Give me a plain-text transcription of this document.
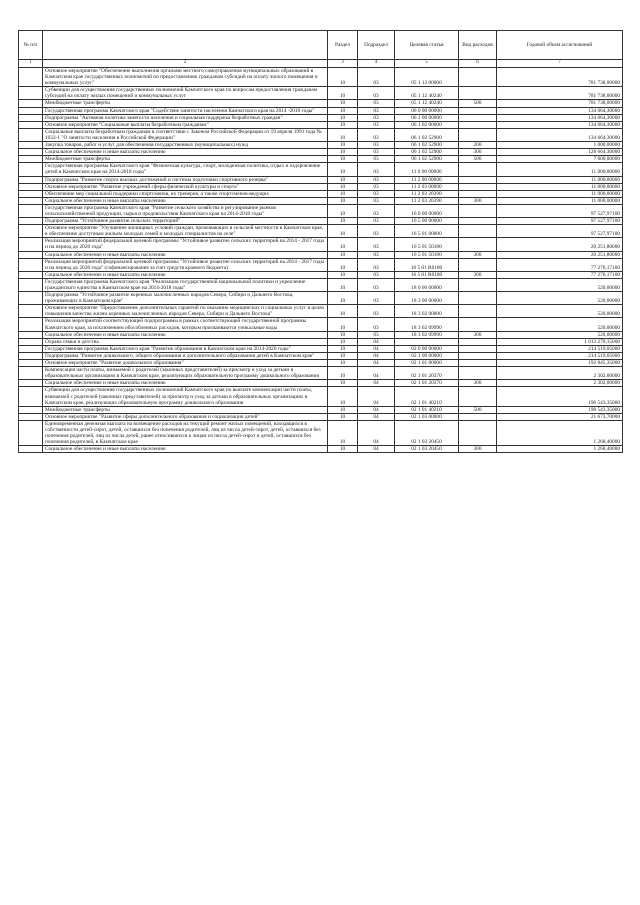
№ п/п		Раздел	Подраздел	Целевая статья	Вид расходов	Годовой объем ассигнований
1	2	3	4	5	6	7
	Основное мероприятие "Обеспечение выполнения органами местного самоуправления муниципальных образований в Камчатском крае государственных полномочий по предоставлению гражданам субсидий на оплату жилого помещения и коммунальных услуг"	10	03	05 1 12 00000		781 738,00000
	Субвенции для осуществления государственных полномочий Камчатского края по вопросам предоставления гражданам субсидий на оплату жилых помещений и коммунальных услуг	10	03	05 1 12 40240		781 738,00000
	Межбюджетные трансферты	10	03	05 1 12 40240	500	781 738,00000
	Государственная программа Камчатского края "Содействие занятости населения Камчатского края на 2014 -2018 годы"	10	03	06 0 00 00000		134 664,30000
	Подпрограмма "Активная политика занятости населения и социальная поддержка безработных граждан"	10	03	06 1 00 00000		134 664,30000
	Основное мероприятие "Социальные выплаты безработным гражданам"	10	03	06 1 02 00000		134 664,30000
	Социальные выплаты безработным гражданам в соответствии с Законом Российской Федерации от 19 апреля 1991 года № 1032-1 "О занятости населения в Российской Федерации"	10	03	06 1 02 52900		134 664,30000
	Закупка товаров, работ и услуг для обеспечения государственных (муниципальных) нужд	10	03	06 1 02 52900	200	1 000,00000
	Социальное обеспечение и иные выплаты населению	10	03	06 1 02 52900	300	126 664,30000
	Межбюджетные трансферты	10	03	06 1 02 52900	500	7 000,00000
	Государственная программа Камчатского края "Физическая культура, спорт, молодежная политика, отдых и оздоровление детей в Камчатском крае на 2014-2018 годы"	10	03	11 0 00 00000		11 000,00000
	Подпрограмма "Развитие спорта высших достижений и системы подготовки спортивного резерва"	10	03	11 2 00 00000		11 000,00000
	Основное мероприятие "Развитие учреждений сферы физической культуры и спорта"	10	03	11 2 03 00000		11 000,00000
	Обеспечение мер социальной поддержки спортсменов, их тренеров, а также спортсменов-ведущих	10	03	11 2 03 20390		11 000,00000
	Социальное обеспечение и иные выплаты населению	10	03	11 2 03 20390	300	11 000,00000
	Государственная программа Камчатского края "Развитие сельского хозяйства и регулирование рынков сельскохозяйственной продукции, сырья и продовольствия Камчатского края на 2014-2018 годы"	10	03	16 0 00 00000		97 527,97100
	Подпрограмма "Устойчивое развитие сельских территорий"	10	03	16 5 00 00000		97 527,97100
	Основное мероприятие "Улучшение жилищных условий граждан, проживающих в сельской местности в Камчатском крае, в обеспечение доступным жильем молодых семей и молодых специалистов на селе"	10	03	16 5 01 00000		97 527,97100
	Реализация мероприятий федеральной целевой программы "Устойчивое развитие сельских территорий на 2014 - 2017 годы и на период до 2020 года"	10	03	16 5 01 50180		20 251,80000
	Социальное обеспечение и иные выплаты населению	10	03	16 5 01 50180	300	20 251,80000
	Реализация мероприятий федеральной целевой программы "Устойчивое развитие сельских территорий на 2014 - 2017 годы и на период до 2020 года" (софинансирование за счет средств краевого бюджета)	10	03	16 5 01 R0180		77 276,17100
	Социальное обеспечение и иные выплаты населению	10	03	16 5 01 R0180	300	77 276,17100
	Государственная программа Камчатского края "Реализация государственной национальной политики и укрепление гражданского единства в Камчатском крае на 2014-2018 годы"	10	03	18 0 00 00000		520,00000
	Подпрограмма "Устойчивое развитие коренных малочисленных народов Севера, Сибири и Дальнего Востока, проживающих в Камчатском крае"	10	03	18 3 00 00000		520,00000
	Основное мероприятие "Предоставление дополнительных гарантий по оказанию медицинских и социальных услуг в целях повышения качества жизни коренных малочисленных народов Севера, Сибири и Дальнего Востока"	10	03	18 3 02 00000		520,00000
	Реализация мероприятий соответствующей подпрограммы в рамках соответствующей государственной программы Камчатского края, за исключением обособленных расходов, которым присваиваются уникальные коды	10	03	18 3 02 09990		520,00000
	Социальное обеспечение и иные выплаты населению	10	03	18 3 02 09990	300	520,00000
	Охрана семьи и детства	10	04			1 013 270,15000
	Государственная программа Камчатского края "Развитие образования в Камчатском крае на 2014-2020 годы"	10	04	02 0 00 00000		214 519,05000
	Подпрограмма "Развитие дошкольного, общего образования и дополнительного образования детей в Камчатском крае"	10	04	02 1 00 00000		214 519,05000
	Основное мероприятие "Развитие дошкольного образования"	10	04	02 1 01 00000		192 845,35000
	Компенсация части платы, взимаемой с родителей (законных представителей) за присмотр и уход за детьми в образовательных организациях в Камчатском крае, реализующих образовательную программу дошкольного образования	10	04	02 1 01 20370		2 302,00000
	Социальное обеспечение и иные выплаты населению	10	04	02 1 01 20370	300	2 302,00000
	Субвенции для осуществления государственных полномочий Камчатского края по выплате компенсации части платы, взимаемой с родителей (законных представителей) за присмотр и уход за детьми в образовательных организациях в Камчатском крае, реализующих образовательную программу дошкольного образования	10	04	02 1 01 40210		190 543,35000
	Межбюджетные трансферты	10	04	02 1 01 40210	500	190 543,35000
	Основное мероприятие "Развитие сферы дополнительного образования и социализации детей"	10	04	02 1 03 00000		21 673,70000
	Единовременная денежная выплата на возмещение расходов на текущий ремонт жилых помещений, находящихся в собственности детей-сирот, детей, оставшихся без попечения родителей, лиц из числа детей-сирот, детей, оставшихся без попечения родителей, лиц из числа детей, ранее относившихся к лицам из числа детей-сирот и детей, оставшихся без попечения родителей, в Камчатском крае	10	04	02 1 03 20450		1 268,40000
	Социальное обеспечение и иные выплаты населению	10	04	02 1 03 20450	300	1 268,40000
